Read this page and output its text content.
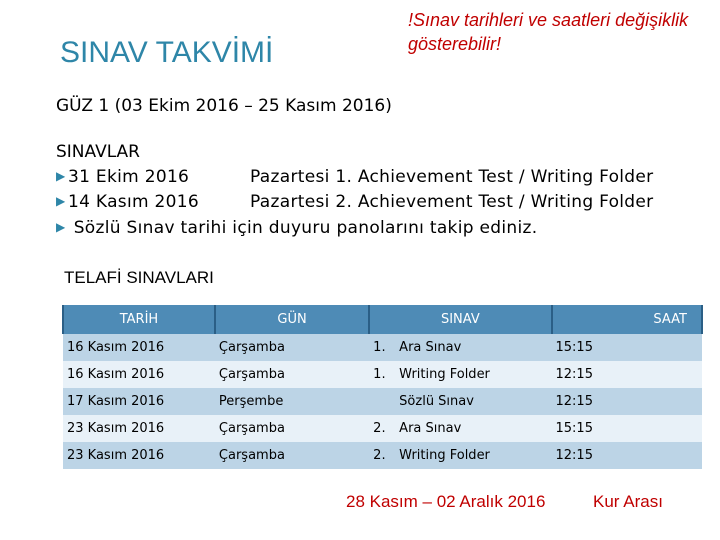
SINAV TAKVİMİ
!Sınav tarihleri ve saatleri değişiklik gösterebilir!
GÜZ 1 (03 Ekim 2016 – 25 Kasım 2016)
SINAVLAR
▶ 31 Ekim 2016	Pazartesi 1. Achievement Test / Writing Folder
▶ 14 Kasım 2016	Pazartesi 2. Achievement Test / Writing Folder
▶ Sözlü Sınav tarihi için duyuru panolarını takip ediniz.
TELAFİ SINAVLARI
TARİH	GÜN	SINAV	SAAT
16 Kasım 2016	Çarşamba	1. Ara Sınav	15:15
16 Kasım 2016	Çarşamba	1. Writing Folder	12:15
17 Kasım 2016	Perşembe	Sözlü Sınav	12:15
23 Kasım 2016	Çarşamba	2. Ara Sınav	15:15
23 Kasım 2016	Çarşamba	2. Writing Folder	12:15
28 Kasım – 02 Aralık 2016	Kur Arası
